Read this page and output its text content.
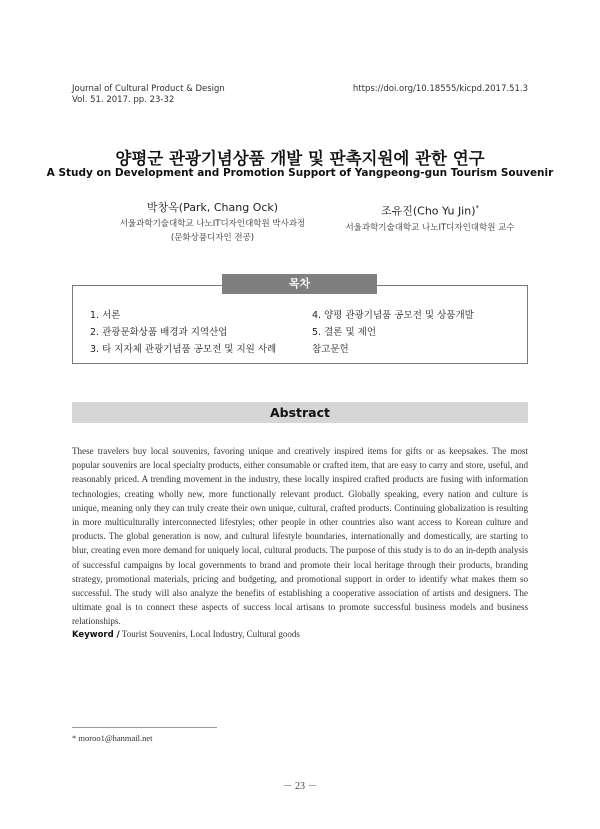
Journal of Cultural Product & Design
Vol. 51. 2017. pp. 23-32
https://doi.org/10.18555/kicpd.2017.51.3
양평군 관광기념상품 개발 및 판촉지원에 관한 연구
A Study on Development and Promotion Support of Yangpeong-gun Tourism Souvenir
박창옥(Park, Chang Ock)
서울과학기술대학교 나노IT디자인대학원 박사과정
(문화상품디자인 전공)
조유진(Cho Yu Jin)*
서울과학기술대학교 나노IT디자인대학원 교수
목차
1. 서론
2. 관광문화상품 배경과 지역산업
3. 타 지자체 관광기념품 공모전 및 지원 사례
4. 양평 관광기념품 공모전 및 상품개발
5. 결론 및 제언
참고문헌
Abstract
These travelers buy local souvenirs, favoring unique and creatively inspired items for gifts or as keepsakes. The most popular souvenirs are local specialty products, either consumable or crafted item, that are easy to carry and store, useful, and reasonably priced. A trending movement in the industry, these locally inspired crafted products are fusing with information technologies, creating wholly new, more functionally relevant product. Globally speaking, every nation and culture is unique, meaning only they can truly create their own unique, cultural, crafted products. Continuing globalization is resulting in more multiculturally interconnected lifestyles; other people in other countries also want access to Korean culture and products. The global generation is now, and cultural lifestyle boundaries, internationally and domestically, are starting to blur, creating even more demand for uniquely local, cultural products. The purpose of this study is to do an in-depth analysis of successful campaigns by local governments to brand and promote their local heritage through their products, branding strategy, promotional materials, pricing and budgeting, and promotional support in order to identify what makes them so successful. The study will also analyze the benefits of establishing a cooperative association of artists and designers. The ultimate goal is to connect these aspects of success local artisans to promote successful business models and business relationships.
Keyword / Tourist Souvenirs, Local Industry, Cultural goods
* moroo1@hanmail.net
－ 23 －
